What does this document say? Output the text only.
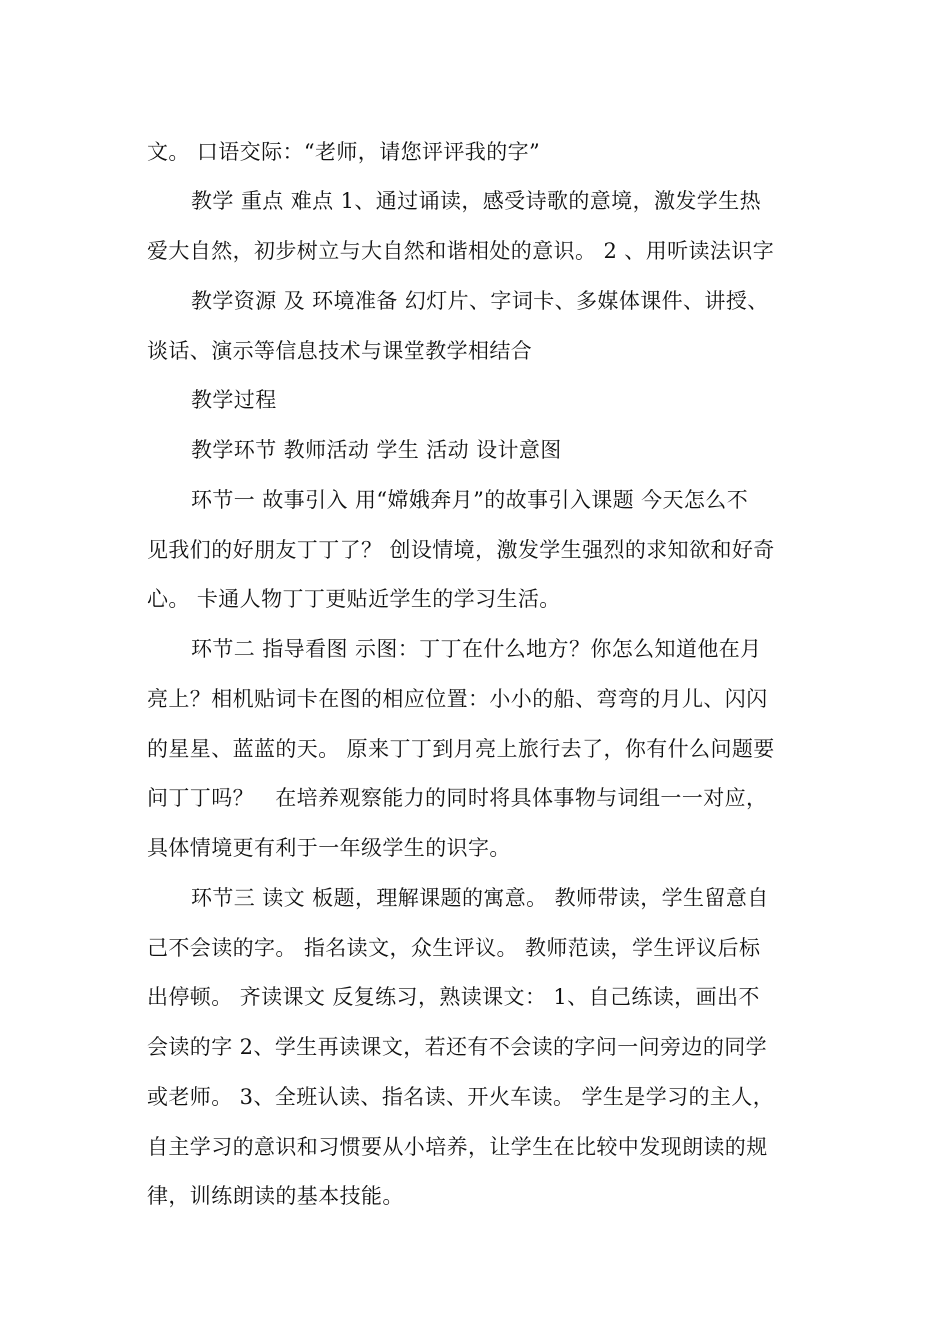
文。 口语交际：“老师，请您评评我的字”
教学 重点 难点 1、通过诵读，感受诗歌的意境，激发学生热
爱大自然，初步树立与大自然和谐相处的意识。 2 、用听读法识字
教学资源 及 环境准备 幻灯片、字词卡、多媒体课件、讲授、
谈话、演示等信息技术与课堂教学相结合
教学过程
教学环节 教师活动 学生 活动 设计意图
环节一 故事引入 用“嫦娥奔月”的故事引入课题 今天怎么不
见我们的好朋友丁丁了？ 创设情境，激发学生强烈的求知欲和好奇
心。 卡通人物丁丁更贴近学生的学习生活。
环节二 指导看图 示图：丁丁在什么地方？你怎么知道他在月
亮上？相机贴词卡在图的相应位置：小小的船、弯弯的月儿、闪闪
的星星、蓝蓝的天。 原来丁丁到月亮上旅行去了，你有什么问题要
问丁丁吗？   在培养观察能力的同时将具体事物与词组一一对应，
具体情境更有利于一年级学生的识字。
环节三 读文 板题，理解课题的寓意。 教师带读，学生留意自
己不会读的字。 指名读文，众生评议。 教师范读，学生评议后标
出停顿。 齐读课文 反复练习，熟读课文： 1、自己练读，画出不
会读的字 2、学生再读课文，若还有不会读的字问一问旁边的同学
或老师。 3、全班认读、指名读、开火车读。 学生是学习的主人，
自主学习的意识和习惯要从小培养，让学生在比较中发现朗读的规
律，训练朗读的基本技能。
